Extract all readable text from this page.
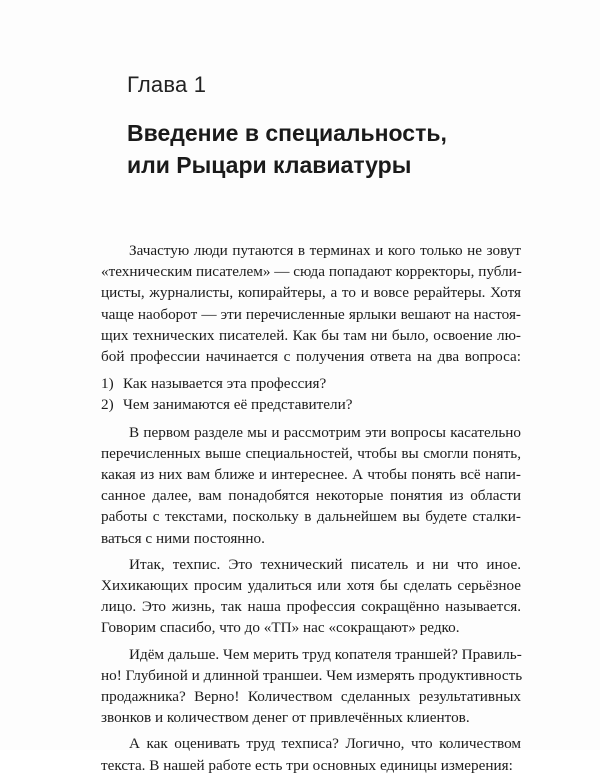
Глава 1
Введение в специальность,
или Рыцари клавиатуры

Зачастую люди путаются в терминах и кого только не зовут
«техническим писателем» — сюда попадают корректоры, публи-
цисты, журналисты, копирайтеры, а то и вовсе рерайтеры. Хотя
чаще наоборот — эти перечисленные ярлыки вешают на настоя-
щих технических писателей. Как бы там ни было, освоение лю-
бой профессии начинается с получения ответа на два вопроса:

1) Как называется эта профессия?
2) Чем занимаются её представители?

В первом разделе мы и рассмотрим эти вопросы касательно
перечисленных выше специальностей, чтобы вы смогли понять,
какая из них вам ближе и интереснее. А чтобы понять всё напи-
санное далее, вам понадобятся некоторые понятия из области
работы с текстами, поскольку в дальнейшем вы будете сталки-
ваться с ними постоянно.

Итак, техпис. Это технический писатель и ни что иное.
Хихикающих просим удалиться или хотя бы сделать серьёзное
лицо. Это жизнь, так наша профессия сокращённо называется.
Говорим спасибо, что до «ТП» нас «сокращают» редко.

Идём дальше. Чем мерить труд копателя траншей? Правиль-
но! Глубиной и длинной траншеи. Чем измерять продуктивность
продажника? Верно! Количеством сделанных результативных
звонков и количеством денег от привлечённых клиентов.

А как оценивать труд техписа? Логично, что количеством
текста. В нашей работе есть три основных единицы измерения:
